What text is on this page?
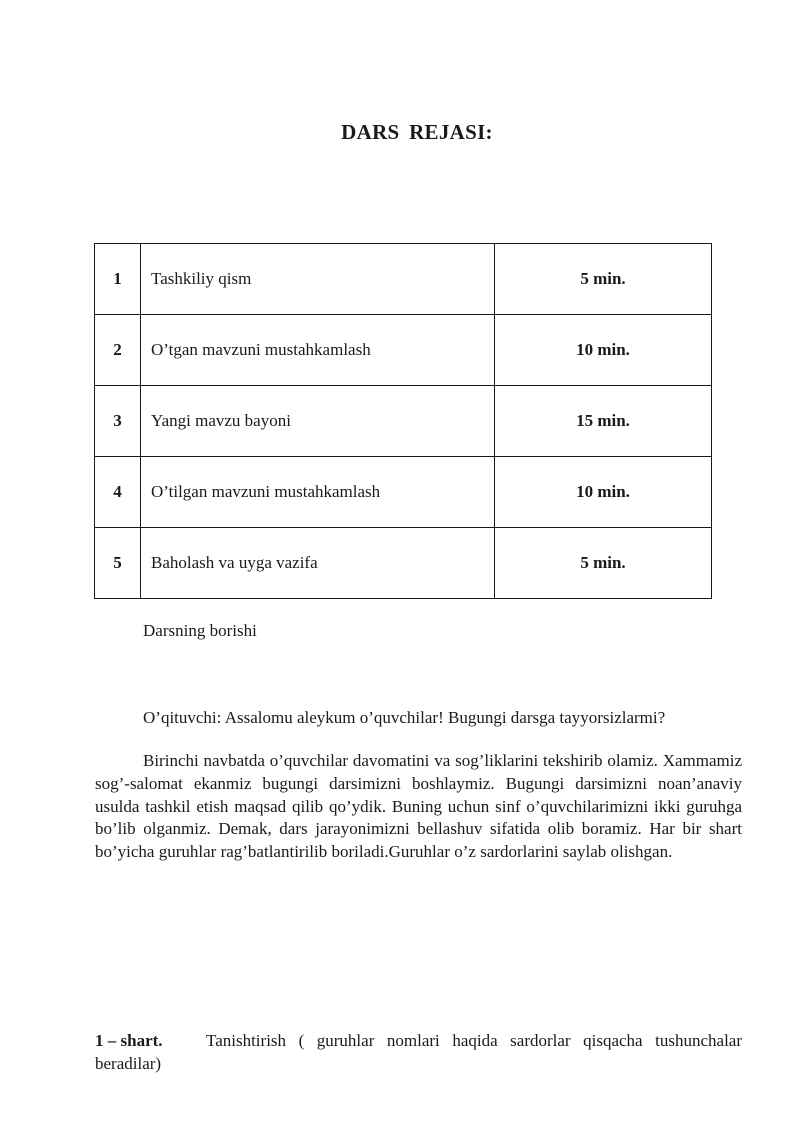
DARS REJASI:
1	Tashkiliy qism	5 min.
2	O’tgan mavzuni mustahkamlash	10 min.
3	Yangi mavzu bayoni	15 min.
4	O’tilgan mavzuni mustahkamlash	10 min.
5	Baholash va uyga vazifa	5 min.

Darsning borishi

O’qituvchi: Assalomu aleykum o’quvchilar! Bugungi darsga tayyorsizlarmi?

Birinchi navbatda o’quvchilar davomatini va sog’liklarini tekshirib olamiz. Xammamiz sog’-salomat ekanmiz bugungi darsimizni boshlaymiz. Bugungi darsimizni noan’anaviy usulda tashkil etish maqsad qilib qo’ydik. Buning uchun sinf o’quvchilarimizni ikki guruhga bo’lib olganmiz. Demak, dars jarayonimizni bellashuv sifatida olib boramiz. Har bir shart bo’yicha guruhlar rag’batlantirilib boriladi.Guruhlar o’z sardorlarini saylab olishgan.

1 – shart.	Tanishtirish ( guruhlar nomlari haqida sardorlar qisqacha tushunchalar beradilar)
